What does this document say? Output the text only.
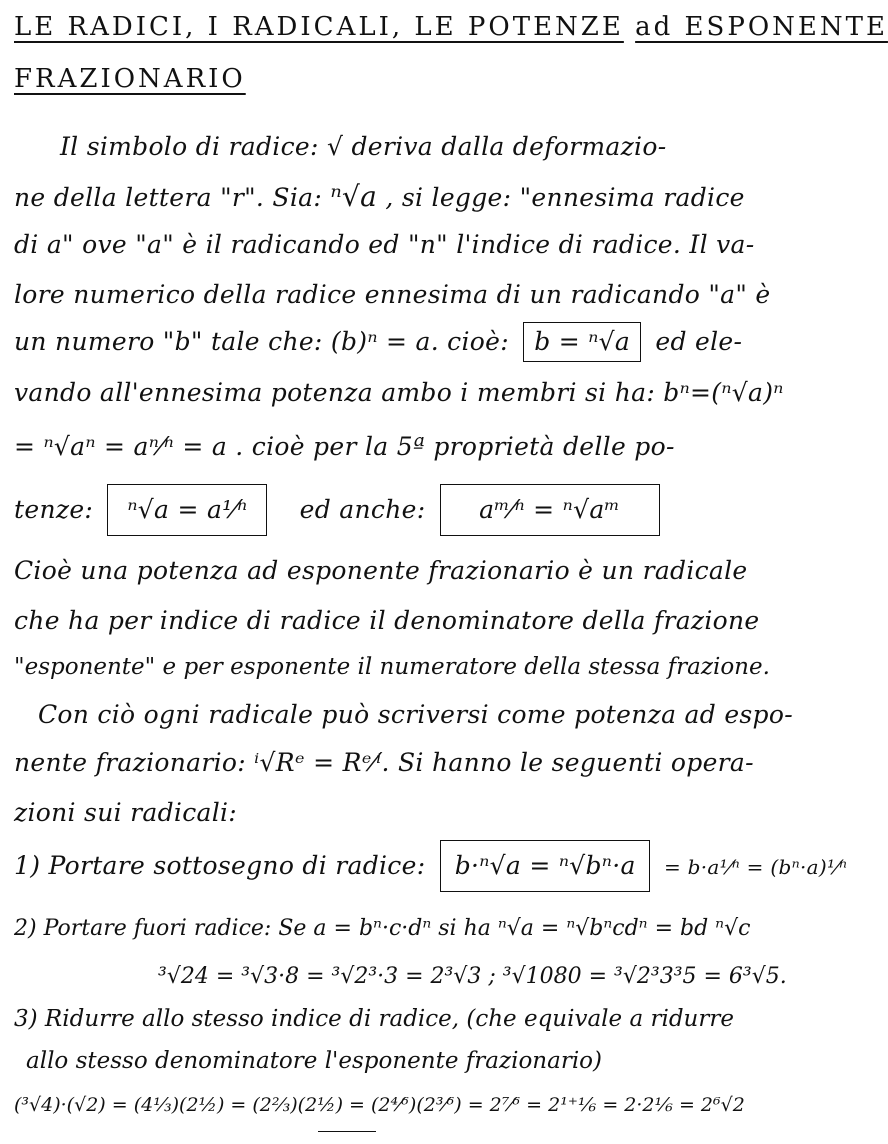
LE RADICI, I RADICALI, LE POTENZE ad ESPONENTE
FRAZIONARIO
Il simbolo di radice: √ deriva dalla deformazio-
ne della lettera "r". Sia: ⁿ√a , si legge: "ennesima radice
di a" ove "a" è il radicando ed "n" l'indice di radice. Il va-
lore numerico della radice ennesima di un radicando "a" è
un numero "b" tale che: (b)ⁿ = a. cioè: b = ⁿ√a ed ele-
vando all'ennesima potenza ambo i membri si ha: bⁿ=(ⁿ√a)ⁿ
= ⁿ√aⁿ = aⁿ⁄ⁿ = a . cioè per la 5ª proprietà delle po-
tenze: ⁿ√a = a¹⁄ⁿ ed anche: aᵐ⁄ⁿ = ⁿ√aᵐ
Cioè una potenza ad esponente frazionario è un radicale
che ha per indice di radice il denominatore della frazione
"esponente" e per esponente il numeratore della stessa frazione.
Con ciò ogni radicale può scriversi come potenza ad espo-
nente frazionario: ⁱ√Rᵉ = Rᵉ⁄ⁱ. Si hanno le seguenti opera-
zioni sui radicali:
1) Portare sottosegno di radice: b·ⁿ√a = ⁿ√bⁿ·a = b·a¹⁄ⁿ = (bⁿ·a)¹⁄ⁿ
2) Portare fuori radice: Se a = bⁿ·c·dⁿ si ha ⁿ√a = ⁿ√bⁿcdⁿ = bd ⁿ√c
³√24 = ³√3·8 = ³√2³·3 = 2³√3 ; ³√1080 = ³√2³3³5 = 6³√5.
3) Ridurre allo stesso indice di radice, (che equivale a ridurre
allo stesso denominatore l'esponente frazionario)
(³√4)·(√2) = (4⅓)(2½) = (2⅔)(2½) = (2⁴⁄⁶)(2³⁄⁶) = 2⁷⁄⁶ = 2¹⁺⅙ = 2·2⅙ = 2⁶√2
